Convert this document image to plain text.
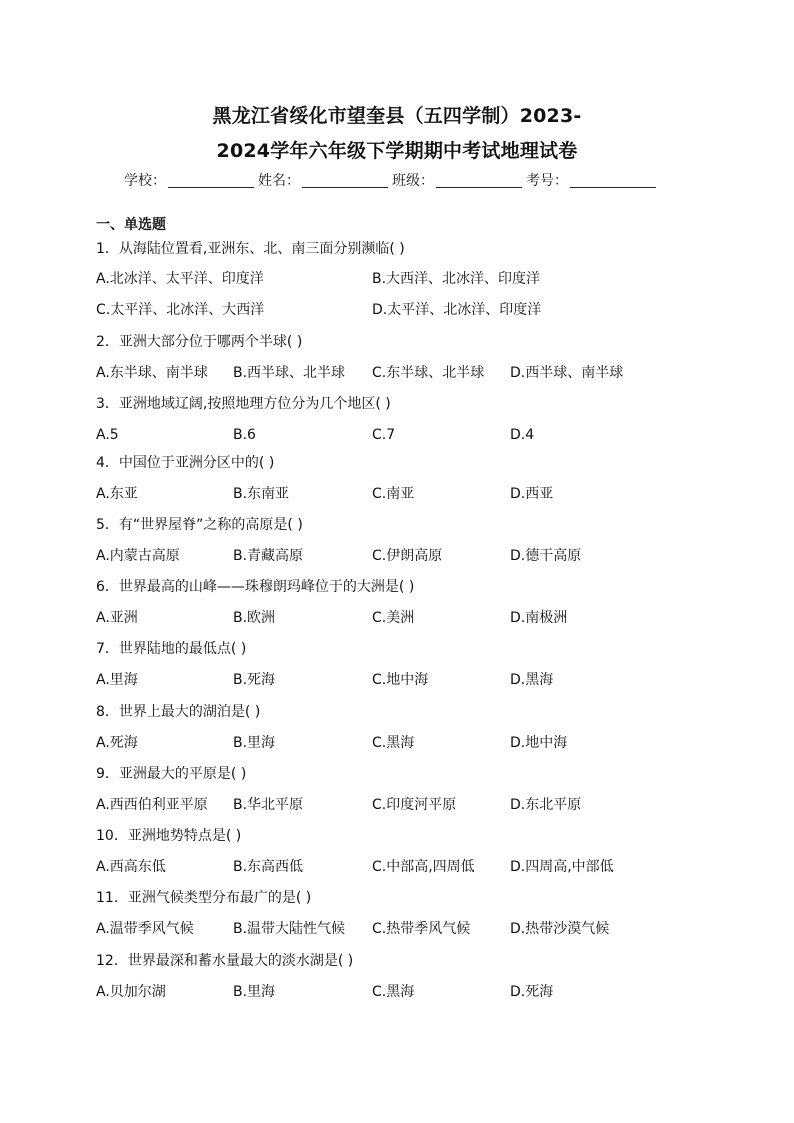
黑龙江省绥化市望奎县（五四学制）2023-
2024学年六年级下学期期中考试地理试卷
学校：	姓名：	班级：	考号：
一、单选题
1．从海陆位置看,亚洲东、北、南三面分别濒临( )
A.北冰洋、太平洋、印度洋	B.大西洋、北冰洋、印度洋
C.太平洋、北冰洋、大西洋	D.太平洋、北冰洋、印度洋
2．亚洲大部分位于哪两个半球( )
A.东半球、南半球 B.西半球、北半球 C.东半球、北半球 D.西半球、南半球
3．亚洲地域辽阔,按照地理方位分为几个地区( )
A.5	B.6	C.7	D.4
4．中国位于亚洲分区中的( )
A.东亚	B.东南亚	C.南亚	D.西亚
5．有“世界屋脊”之称的高原是( )
A.内蒙古高原	B.青藏高原	C.伊朗高原	D.德干高原
6．世界最高的山峰——珠穆朗玛峰位于的大洲是( )
A.亚洲	B.欧洲	C.美洲	D.南极洲
7．世界陆地的最低点( )
A.里海	B.死海	C.地中海	D.黑海
8．世界上最大的湖泊是( )
A.死海	B.里海	C.黑海	D.地中海
9．亚洲最大的平原是( )
A.西西伯利亚平原 B.华北平原	C.印度河平原	D.东北平原
10．亚洲地势特点是( )
A.西高东低	B.东高西低	C.中部高,四周低	D.四周高,中部低
11．亚洲气候类型分布最广的是( )
A.温带季风气候	B.温带大陆性气候 C.热带季风气候	D.热带沙漠气候
12．世界最深和蓄水量最大的淡水湖是( )
A.贝加尔湖	B.里海	C.黑海	D.死海
